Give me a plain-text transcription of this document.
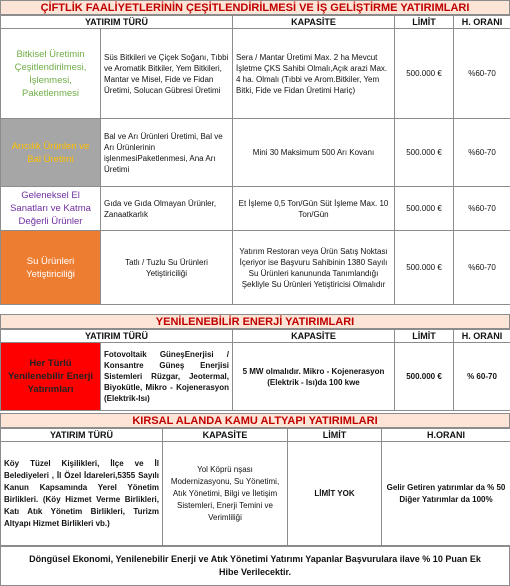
ÇİFTLİK FAALİYETLERİNİN ÇEŞİTLENDİRİLMESİ VE İŞ GELİŞTİRME YATIRIMLARI
YATIRIM TÜRÜ		KAPASİTE	LİMİT	H. ORANI

Bitkisel Üretimin Çeşitlendirilmesi, İşlenmesi, Paketlenmesi	Süs Bitkileri ve Çiçek Soğanı, Tıbbi ve Aromatik Bitkiler, Yem Bitkileri, Mantar ve Misel, Fide ve Fidan Üretimi, Solucan Gübresi Üretimi	Sera / Mantar Üretimi Max. 2 ha Mevcut İşletme ÇKS Sahibi Olmalı,Açık arazi Max. 4 ha. Olmalı (Tıbbi ve Arom.Bitkiler, Yem Bitki, Fide ve Fidan Üretimi Hariç)	500.000 €	%60-70
Arıcılık Ürünleri ve Bal Üretimi	Bal ve Arı Ürünleri Üretimi, Bal ve Arı Ürünlerinin işlenmesiPaketlenmesi, Ana Arı Üretimi	Mini 30 Maksimum 500 Arı Kovanı	500.000 €	%60-70
Geleneksel El Sanatları ve Katma Değerli Ürünler	Gıda ve Gıda Olmayan Ürünler, Zanaatkarlık	Et İşleme 0,5 Ton/Gün Süt İşleme Max. 10 Ton/Gün	500.000 €	%60-70
Su Ürünleri Yetiştiriciliği	Tatlı / Tuzlu Su Ürünleri Yetiştiriciliği	Yatırım Restoran veya Ürün Satış Noktası İçeriyor ise Başvuru Sahibinin 1380 Sayılı Su Ürünleri kanununda Tanımlandığı Şekliyle Su Ürünleri Yetiştiricisi Olmalıdır	500.000 €	%60-70
YENİLENEBİLİR ENERJİ YATIRIMLARI
YATIRIM TÜRÜ		KAPASİTE	LİMİT	H. ORANI
Her Türlü Yenilenebilir Enerji Yatırımları	Fotovoltaik GüneşEnerjisi / Konsantre Güneş Enerjisi Sistemleri Rüzgar, Jeotermal, Biyokütle, Mikro - Kojenerasyon (Elektrik-Isı)	5 MW olmalıdır. Mikro - Kojenerasyon (Elektrik - Isı)da 100 kwe	500.000 €	% 60-70
KIRSAL ALANDA KAMU ALTYAPI YATIRIMLARI
YATIRIM TÜRÜ	KAPASİTE	LİMİT	H.ORANI
Köy Tüzel Kişilikleri, İlçe ve İl Belediyeleri , İl Özel İdareleri,5355 Sayılı Kanun Kapsamında Yerel Yönetim Birlikleri. (Köy Hizmet Verme Birlikleri, Katı Atık Yönetim Birlikleri, Turizm Altyapı Hizmet Birlikleri vb.)	Yol Köprü nşası Modernizasyonu, Su Yönetimi, Atık Yönetimi, Bilgi ve İletişim Sistemleri, Enerji Temini ve Verimliliği	LİMİT YOK	Gelir Getiren yatırımlar da % 50 Diğer Yatırımlar da 100%
Döngüsel Ekonomi, Yenilenebilir Enerji ve Atık Yönetimi Yatırımı Yapanlar Başvurulara ilave % 10 Puan Ek Hibe Verilecektir.
